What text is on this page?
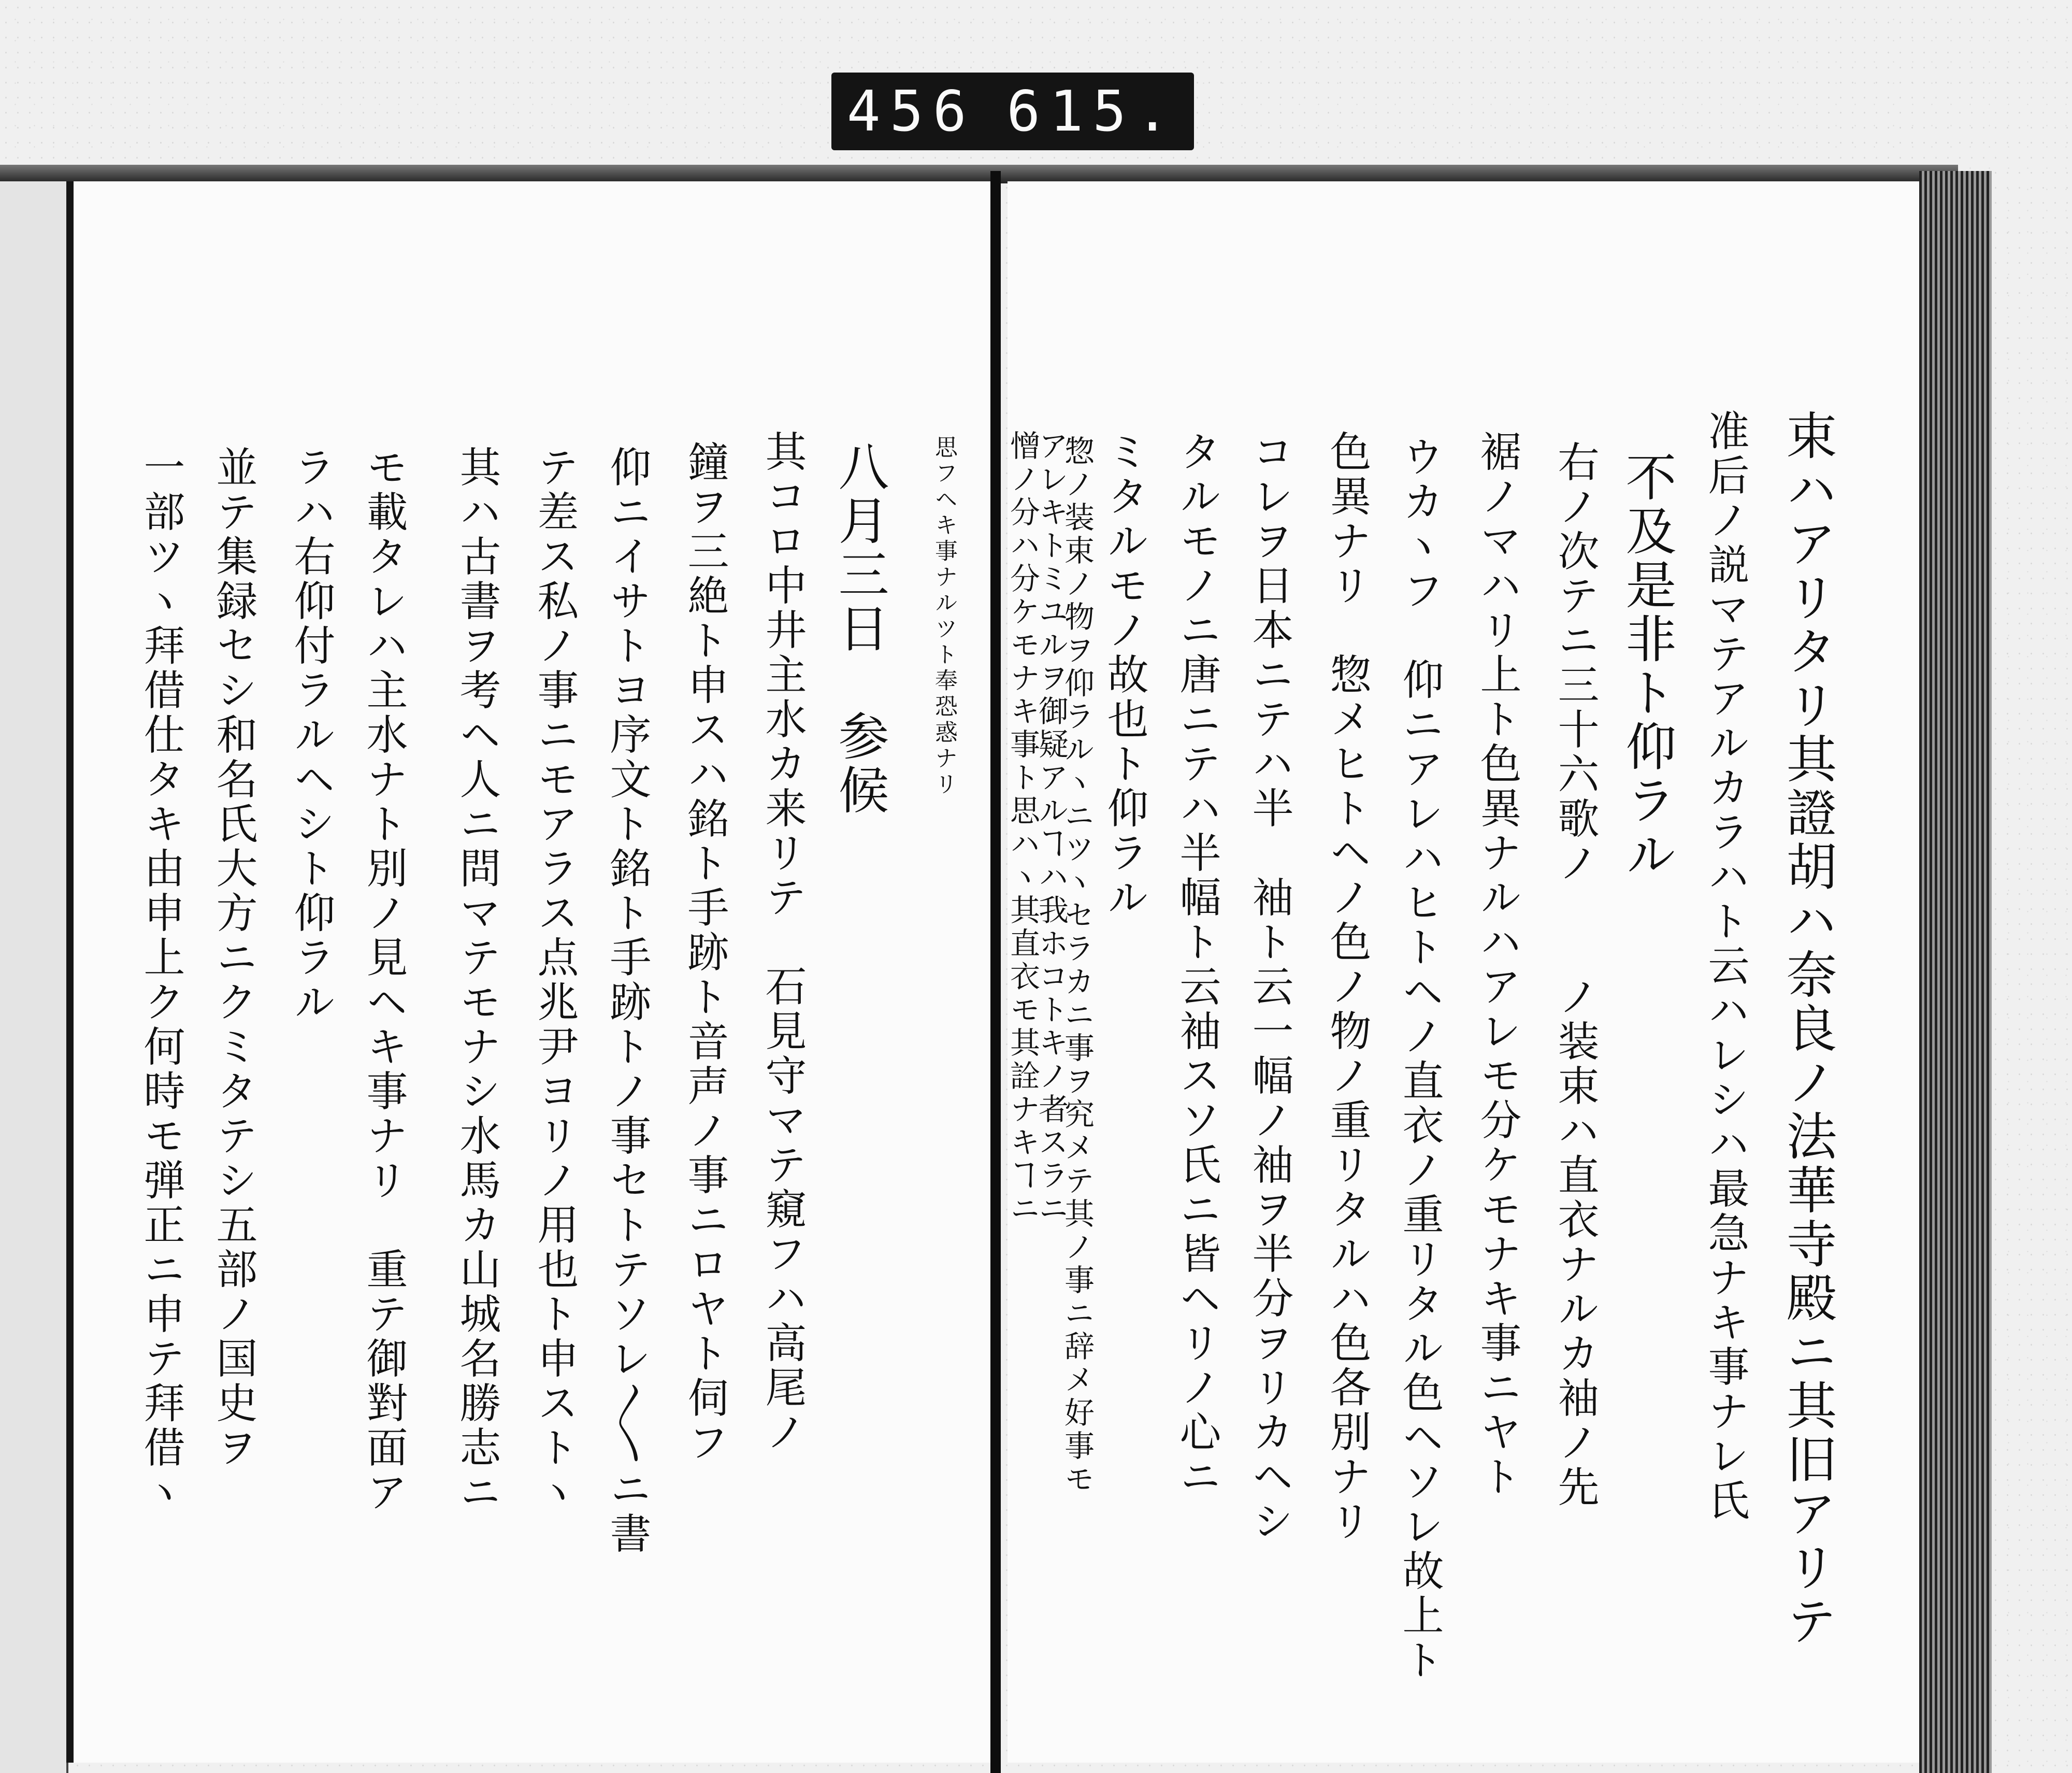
456 615.
束ハアリタリ其證胡ハ奈良ノ法華寺殿ニ其旧アリテ
准后ノ説マテアルカラハト云ハレシハ最急ナキ事ナレ氏
不及是非ト仰ラル
右ノ次テニ三十六歌ノ　　ノ装束ハ直衣ナルカ袖ノ先
裾ノマハリ上ト色異ナルハアレモ分ケモナキ事ニヤト
ウカヽフ　仰ニアレハヒトヘノ直衣ノ重リタル色ヘソレ故上ト
色異ナリ　惣メヒトヘノ色ノ物ノ重リタルハ色各別ナリ
コレヲ日本ニテハ半　袖ト云一幅ノ袖ヲ半分ヲリカヘシ
タルモノニ唐ニテハ半幅ト云袖スソ氏ニ皆ヘリノ心ニ
ミタルモノ故也ト仰ラル
惣ノ装束ノ物ヲ仰ラルヽニツヽセラカニ事ヲ究メテ其ノ事ニ辞メ好事モ
アレキトミユルヲ御疑アルヿハ我ホコトキノ者スラニ
憎ノ分ハ分ケモナキ事ト思ハヽ其直衣モ其詮ナキヿニ
思フヘキ事ナルツト奉恐惑ナリ
八月三日　参候
其コロ中井主水カ来リテ　石見守マテ窺フハ高尾ノ
鐘ヲ三絶ト申スハ銘ト手跡ト音声ノ事ニロヤト伺フ
仰ニイサトヨ序文ト銘ト手跡トノ事セトテソレ〳〵ニ書
テ差ス私ノ事ニモアラス点兆尹ヨリノ用也ト申ストヽ
其ハ古書ヲ考ヘ人ニ問マテモナシ水馬カ山城名勝志ニ
モ載タレハ主水ナト別ノ見ヘキ事ナリ　重テ御對面ア
ラハ右仰付ラルヘシト仰ラル
並テ集録セシ和名氏大方ニクミタテシ五部ノ国史ヲ
一部ツヽ拜借仕タキ由申上ク何時モ弾正ニ申テ拜借ヽ
